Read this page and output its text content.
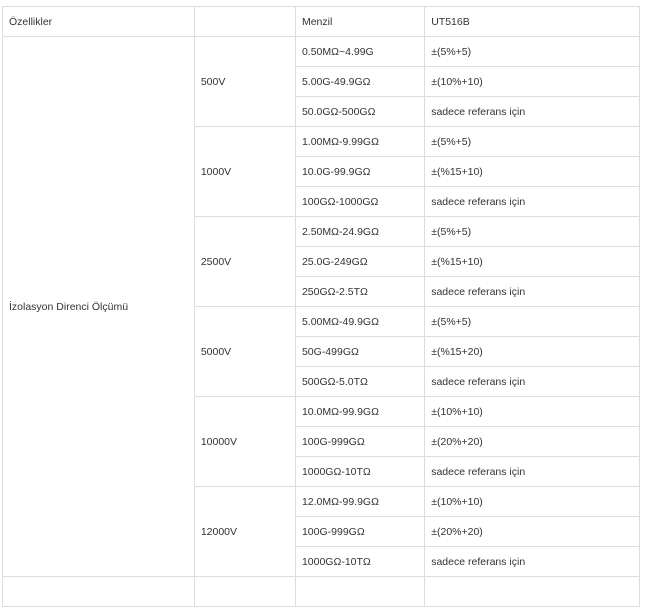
Özellikler		Menzil	UT516B
İzolasyon Direnci Ölçümü	500V	0.50MΩ~4.99G	±(5%+5)
		5.00G-49.9GΩ	±(10%+10)
		50.0GΩ-500GΩ	sadece referans için
	1000V	1.00MΩ-9.99GΩ	±(5%+5)
		10.0G-99.9GΩ	±(%15+10)
		100GΩ-1000GΩ	sadece referans için
	2500V	2.50MΩ-24.9GΩ	±(5%+5)
		25.0G-249GΩ	±(%15+10)
		250GΩ-2.5TΩ	sadece referans için
	5000V	5.00MΩ-49.9GΩ	±(5%+5)
		50G-499GΩ	±(%15+20)
		500GΩ-5.0TΩ	sadece referans için
	10000V	10.0MΩ-99.9GΩ	±(10%+10)
		100G-999GΩ	±(20%+20)
		1000GΩ-10TΩ	sadece referans için
	12000V	12.0MΩ-99.9GΩ	±(10%+10)
		100G-999GΩ	±(20%+20)
		1000GΩ-10TΩ	sadece referans için
